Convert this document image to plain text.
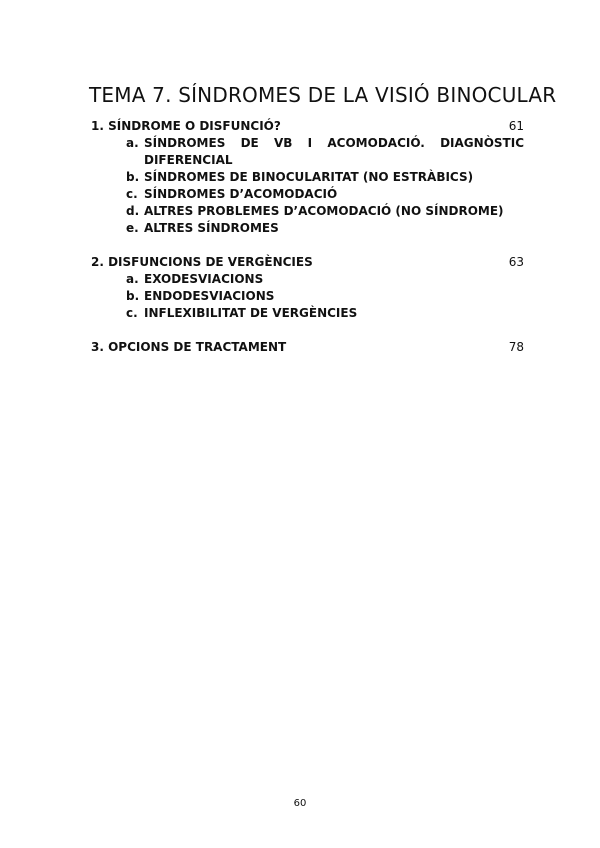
TEMA 7. SÍNDROMES DE LA VISIÓ BINOCULAR
1. SÍNDROME O DISFUNCIÓ?	61
a. SÍNDROMES DE VB I ACOMODACIÓ. DIAGNÒSTIC DIFERENCIAL
b. SÍNDROMES DE BINOCULARITAT (NO ESTRÀBICS)
c. SÍNDROMES D’ACOMODACIÓ
d. ALTRES PROBLEMES D’ACOMODACIÓ (NO SÍNDROME)
e. ALTRES SÍNDROMES
2. DISFUNCIONS DE VERGÈNCIES	63
a. EXODESVIACIONS
b. ENDODESVIACIONS
c. INFLEXIBILITAT DE VERGÈNCIES
3. OPCIONS DE TRACTAMENT	78
60
